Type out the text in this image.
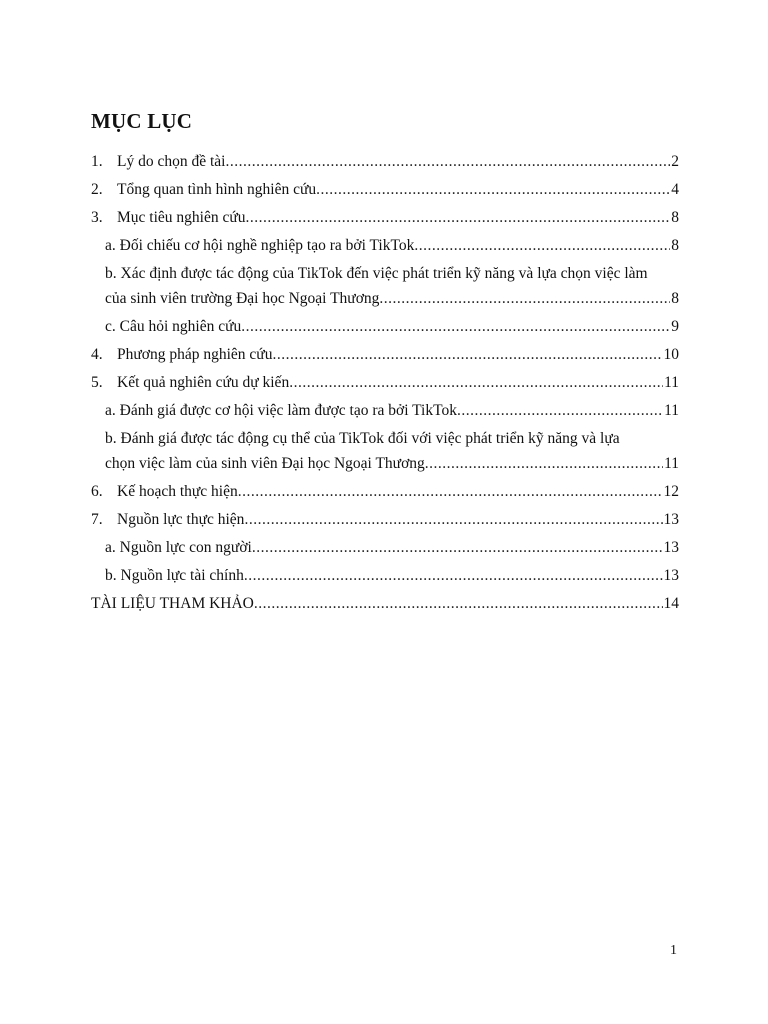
MỤC LỤC
1. Lý do chọn đề tài .....	2
2. Tổng quan tình hình nghiên cứu .....	4
3. Mục tiêu nghiên cứu .....	8
a. Đối chiếu cơ hội nghề nghiệp tạo ra bởi TikTok .....	8
b. Xác định được tác động của TikTok đến việc phát triển kỹ năng và lựa chọn việc làm
của sinh viên trường Đại học Ngoại Thương .....	8
c. Câu hỏi nghiên cứu .....	9
4. Phương pháp nghiên cứu .....	10
5. Kết quả nghiên cứu dự kiến .....	11
a. Đánh giá được cơ hội việc làm được tạo ra bởi TikTok .....	11
b. Đánh giá được tác động cụ thể của TikTok đối với việc phát triển kỹ năng và lựa
chọn việc làm của sinh viên Đại học Ngoại Thương .....	11
6. Kế hoạch thực hiện .....	12
7. Nguồn lực thực hiện .....	13
a. Nguồn lực con người .....	13
b. Nguồn lực tài chính .....	13
TÀI LIỆU THAM KHẢO .....	14
1
